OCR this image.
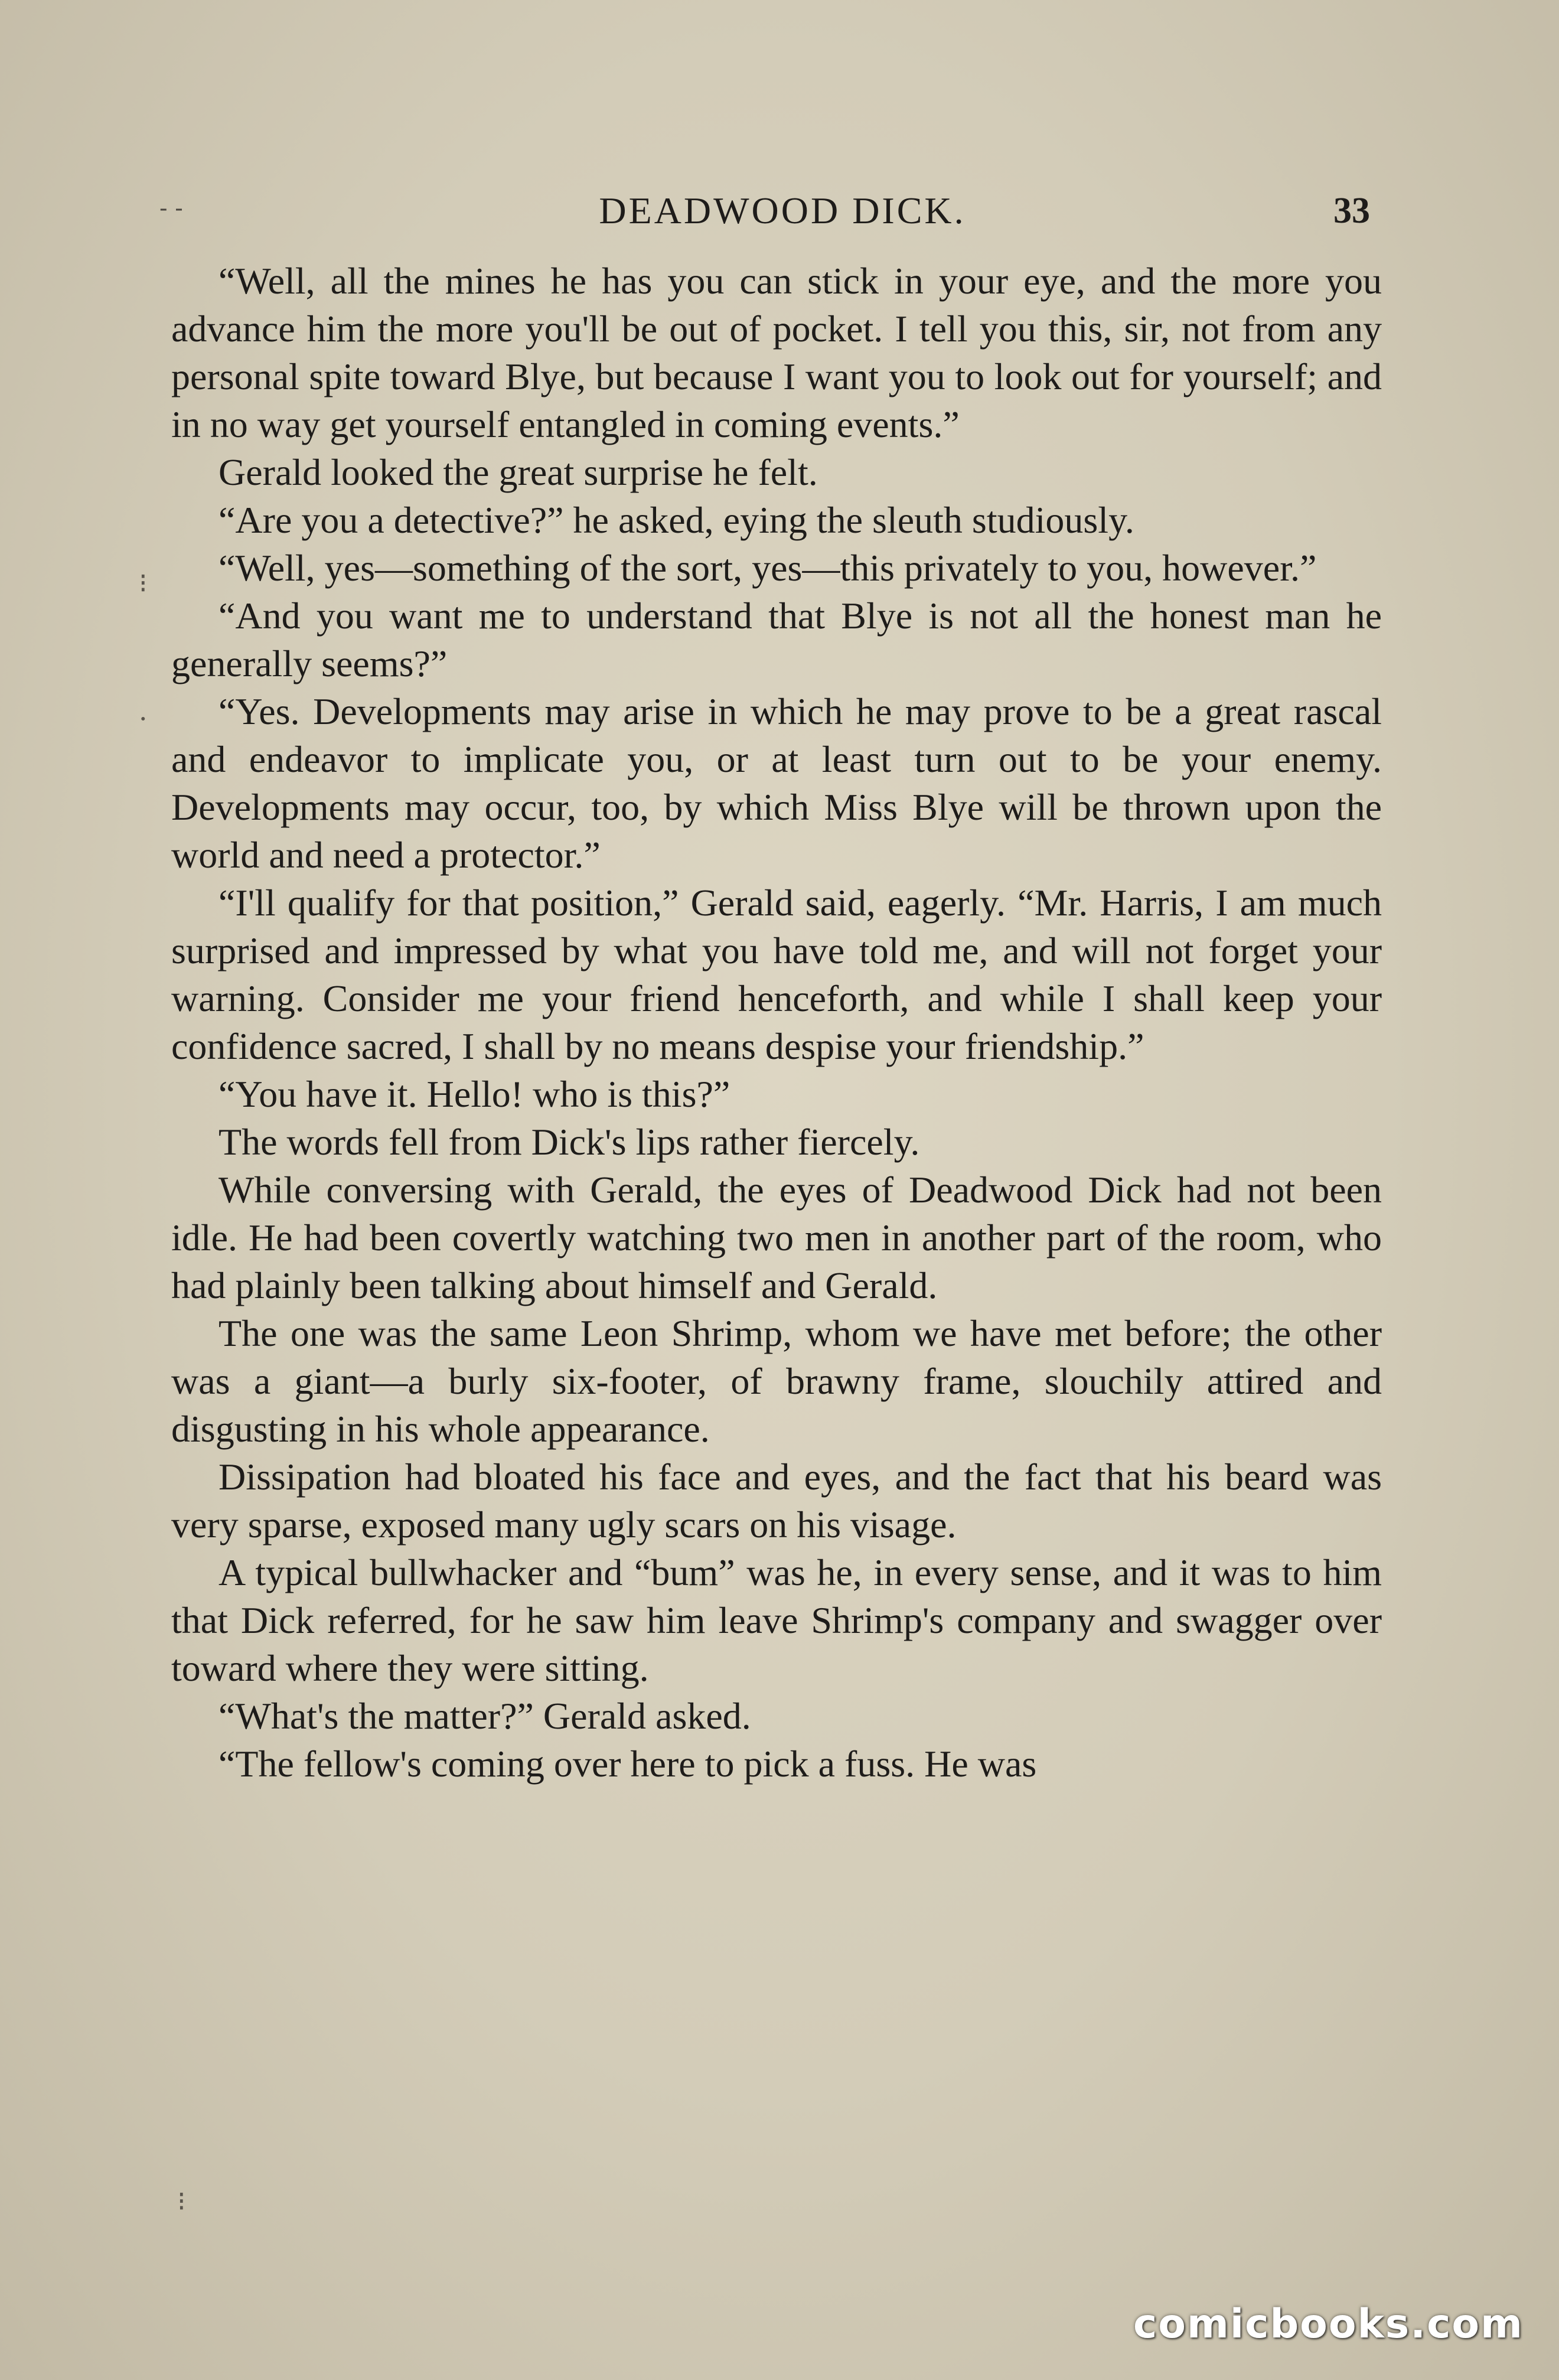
- -	DEADWOOD DICK.	33

“Well, all the mines he has you can stick in your eye, and the more you advance him the more you'll be out of pocket. I tell you this, sir, not from any personal spite toward Blye, but because I want you to look out for yourself; and in no way get yourself entangled in coming events.”

Gerald looked the great surprise he felt.

“Are you a detective?” he asked, eying the sleuth studiously.

“Well, yes—something of the sort, yes—this privately to you, however.”

“And you want me to understand that Blye is not all the honest man he generally seems?”

“Yes. Developments may arise in which he may prove to be a great rascal and endeavor to implicate you, or at least turn out to be your enemy. Developments may occur, too, by which Miss Blye will be thrown upon the world and need a protector.”

“I'll qualify for that position,” Gerald said, eagerly. “Mr. Harris, I am much surprised and impressed by what you have told me, and will not forget your warning. Consider me your friend henceforth, and while I shall keep your confidence sacred, I shall by no means despise your friendship.”

“You have it. Hello! who is this?”

The words fell from Dick's lips rather fiercely.

While conversing with Gerald, the eyes of Deadwood Dick had not been idle. He had been covertly watching two men in another part of the room, who had plainly been talking about himself and Gerald.

The one was the same Leon Shrimp, whom we have met before; the other was a giant—a burly six-footer, of brawny frame, slouchily attired and disgusting in his whole appearance.

Dissipation had bloated his face and eyes, and the fact that his beard was very sparse, exposed many ugly scars on his visage.

A typical bullwhacker and “bum” was he, in every sense, and it was to him that Dick referred, for he saw him leave Shrimp's company and swagger over toward where they were sitting.

“What's the matter?” Gerald asked.

“The fellow's coming over here to pick a fuss. He was

⁝
·
⁝
comicbooks.com
